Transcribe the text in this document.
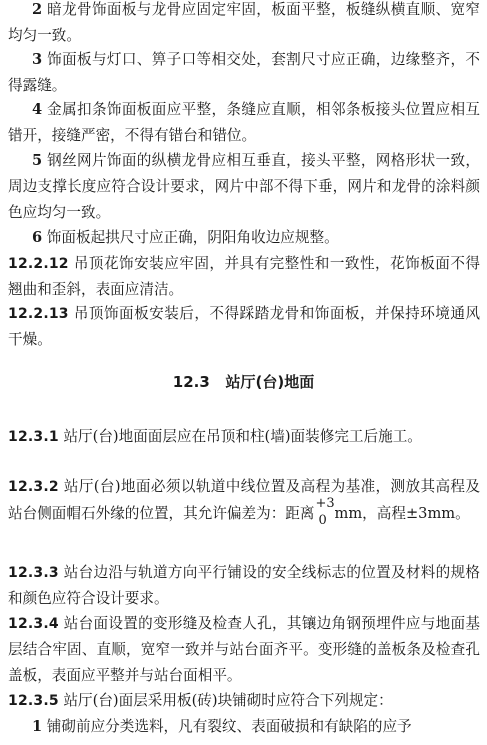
2 暗龙骨饰面板与龙骨应固定牢固，板面平整，板缝纵横直顺、宽窄均匀一致。

3 饰面板与灯口、箅子口等相交处，套割尺寸应正确，边缘整齐，不得露缝。

4 金属扣条饰面板面应平整，条缝应直顺，相邻条板接头位置应相互错开，接缝严密，不得有错台和错位。

5 钢丝网片饰面的纵横龙骨应相互垂直，接头平整，网格形状一致，周边支撑长度应符合设计要求，网片中部不得下垂，网片和龙骨的涂料颜色应均匀一致。

6 饰面板起拱尺寸应正确，阴阳角收边应规整。

12.2.12 吊顶花饰安装应牢固，并具有完整性和一致性，花饰板面不得翘曲和歪斜，表面应清洁。

12.2.13 吊顶饰面板安装后，不得踩踏龙骨和饰面板，并保持环境通风干燥。

12.3 站厅(台)地面

12.3.1 站厅(台)地面面层应在吊顶和柱(墙)面装修完工后施工。

12.3.2 站厅(台)地面必须以轨道中线位置及高程为基准，测放其高程及站台侧面帽石外缘的位置，其允许偏差为：距离
+3
0 mm，高程±3mm。

12.3.3 站台边沿与轨道方向平行铺设的安全线标志的位置及材料的规格和颜色应符合设计要求。

12.3.4 站台面设置的变形缝及检查人孔，其镶边角钢预埋件应与地面基层结合牢固、直顺，宽窄一致并与站台面齐平。变形缝的盖板条及检查孔盖板，表面应平整并与站台面相平。

12.3.5 站厅(台)面层采用板(砖)块铺砌时应符合下列规定：

1 铺砌前应分类选料，凡有裂纹、表面破损和有缺陷的应予
